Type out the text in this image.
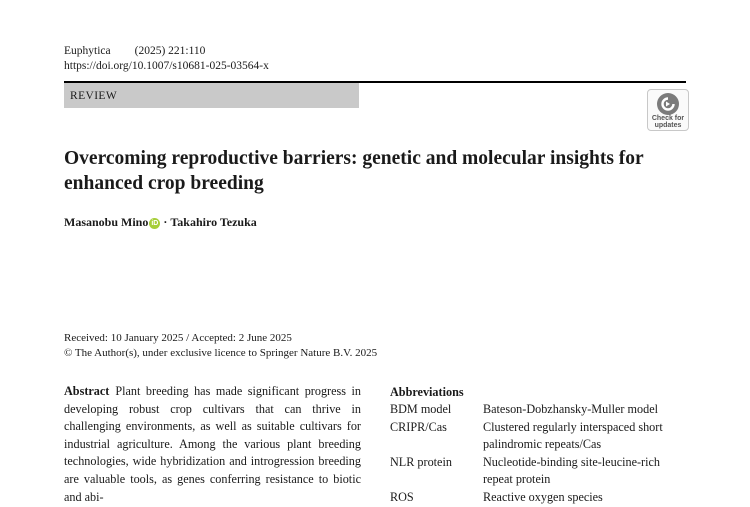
Euphytica (2025) 221:110
https://doi.org/10.1007/s10681-025-03564-x
REVIEW
Check for
updates
Overcoming reproductive barriers: genetic and molecular insights for enhanced crop breeding
Masanobu Mino iD · Takahiro Tezuka
Received: 10 January 2025 / Accepted: 2 June 2025
© The Author(s), under exclusive licence to Springer Nature B.V. 2025
Abstract Plant breeding has made significant progress in developing robust crop cultivars that can thrive in challenging environments, as well as suitable cultivars for industrial agriculture. Among the various plant breeding technologies, wide hybridization and introgression breeding are valuable tools, as genes conferring resistance to biotic and abi-
Abbreviations
BDM model	Bateson-Dobzhansky-Muller model
CRIPR/Cas	Clustered regularly interspaced short palindromic repeats/Cas
NLR protein	Nucleotide-binding site-leucine-rich repeat protein
ROS	Reactive oxygen species
